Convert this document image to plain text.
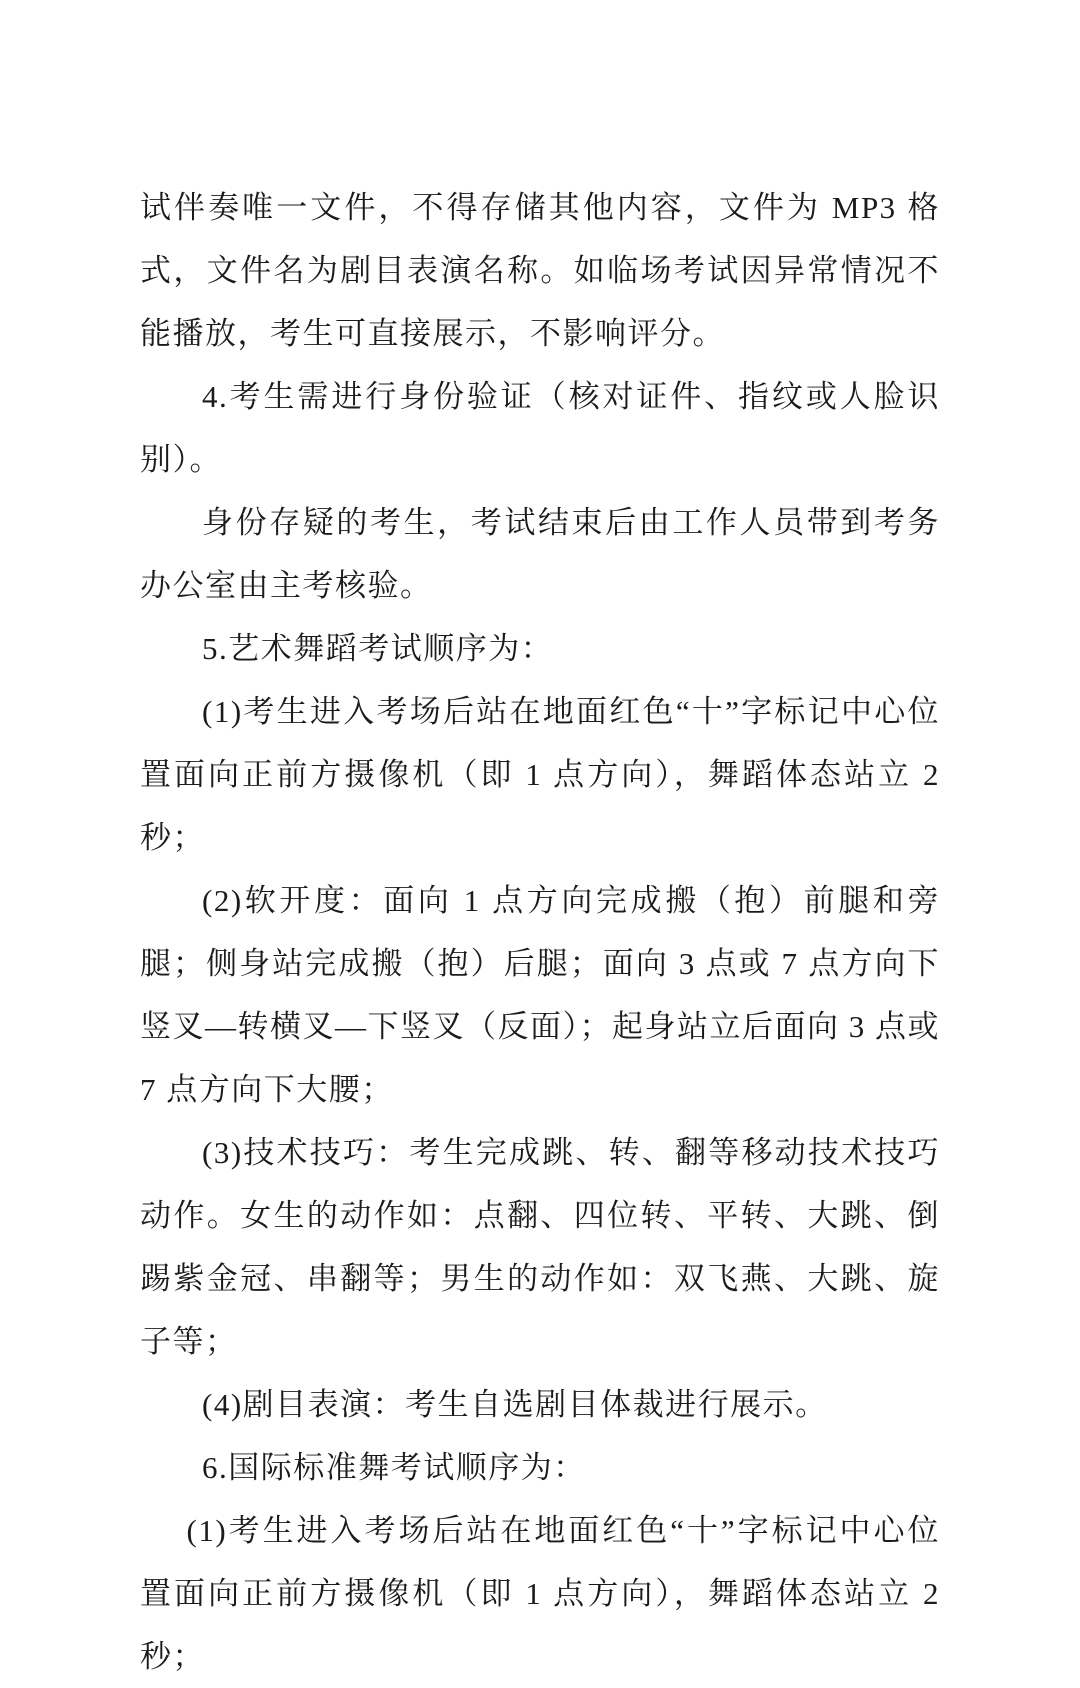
试伴奏唯一文件，不得存储其他内容，文件为 MP3 格式，文件名为剧目表演名称。如临场考试因异常情况不能播放，考生可直接展示，不影响评分。

4.考生需进行身份验证（核对证件、指纹或人脸识别）。

身份存疑的考生，考试结束后由工作人员带到考务办公室由主考核验。

5.艺术舞蹈考试顺序为：

(1)考生进入考场后站在地面红色“十”字标记中心位置面向正前方摄像机（即 1 点方向），舞蹈体态站立 2 秒；

(2)软开度：面向 1 点方向完成搬（抱）前腿和旁腿；侧身站完成搬（抱）后腿；面向 3 点或 7 点方向下竖叉—转横叉—下竖叉（反面）；起身站立后面向 3 点或 7 点方向下大腰；

(3)技术技巧：考生完成跳、转、翻等移动技术技巧动作。女生的动作如：点翻、四位转、平转、大跳、倒踢紫金冠、串翻等；男生的动作如：双飞燕、大跳、旋子等；

(4)剧目表演：考生自选剧目体裁进行展示。

6.国际标准舞考试顺序为：

(1)考生进入考场后站在地面红色“十”字标记中心位置面向正前方摄像机（即 1 点方向），舞蹈体态站立 2 秒；
